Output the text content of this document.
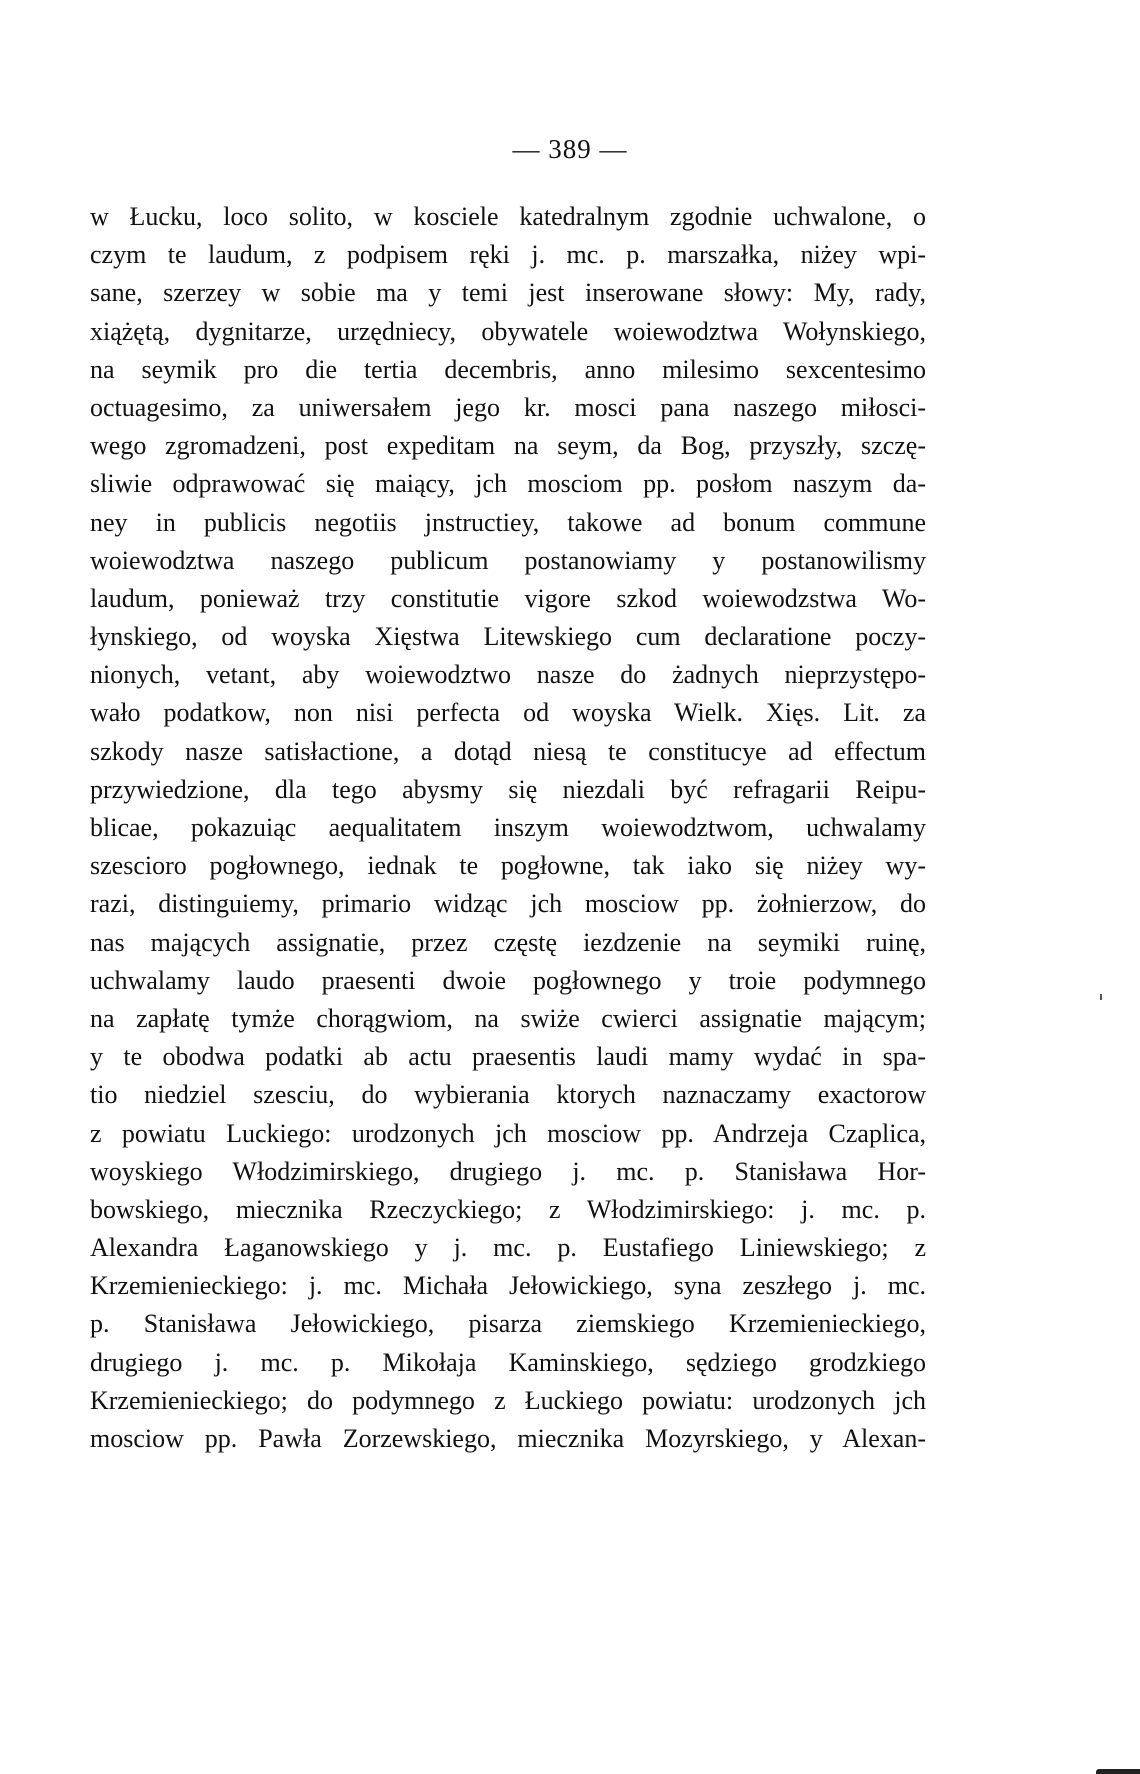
— 389 —
w Łucku, loco solito, w kosciele katedralnym zgodnie uchwalone, o
czym te laudum, z podpisem ręki j. mc. p. marszałka, niżey wpi-
sane, szerzey w sobie ma y temi jest inserowane słowy: My, rady,
xiążętą, dygnitarze, urzędniecy, obywatele woiewodztwa Wołynskiego,
na seymik pro die tertia decembris, anno milesimo sexcentesimo
octuagesimo, za uniwersałem jego kr. mosci pana naszego miłosci-
wego zgromadzeni, post expeditam na seym, da Bog, przyszły, szczę-
sliwie odprawować się maiący, jch mosciom pp. posłom naszym da-
ney in publicis negotiis jnstructiey, takowe ad bonum commune
woiewodztwa naszego publicum postanowiamy y postanowilismy
laudum, ponieważ trzy constitutie vigore szkod woiewodzstwa Wo-
łynskiego, od woyska Xięstwa Litewskiego cum declaratione poczy-
nionych, vetant, aby woiewodztwo nasze do żadnych nieprzystępo-
wało podatkow, non nisi perfecta od woyska Wielk. Xięs. Lit. za
szkody nasze satisłactione, a dotąd niesą te constitucye ad effectum
przywiedzione, dla tego abysmy się niezdali być refragarii Reipu-
blicae, pokazuiąc aequalitatem inszym woiewodztwom, uchwalamy
szescioro pogłownego, iednak te pogłowne, tak iako się niżey wy-
razi, distinguiemy, primario widząc jch mosciow pp. żołnierzow, do
nas mających assignatie, przez częstę iezdzenie na seymiki ruinę,
uchwalamy laudo praesenti dwoie pogłownego y troie podymnego
na zapłatę tymże chorągwiom, na swiże cwierci assignatie mającym;
y te obodwa podatki ab actu praesentis laudi mamy wydać in spa-
tio niedziel szesciu, do wybierania ktorych naznaczamy exactorow
z powiatu Luckiego: urodzonych jch mosciow pp. Andrzeja Czaplica,
woyskiego Włodzimirskiego, drugiego j. mc. p. Stanisława Hor-
bowskiego, miecznika Rzeczyckiego; z Włodzimirskiego: j. mc. p.
Alexandra Łaganowskiego y j. mc. p. Eustafiego Liniewskiego; z
Krzemienieckiego: j. mc. Michała Jełowickiego, syna zeszłego j. mc.
p. Stanisława Jełowickiego, pisarza ziemskiego Krzemienieckiego,
drugiego j. mc. p. Mikołaja Kaminskiego, sędziego grodzkiego
Krzemienieckiego; do podymnego z Łuckiego powiatu: urodzonych jch
mosciow pp. Pawła Zorzewskiego, miecznika Mozyrskiego, y Alexan-
